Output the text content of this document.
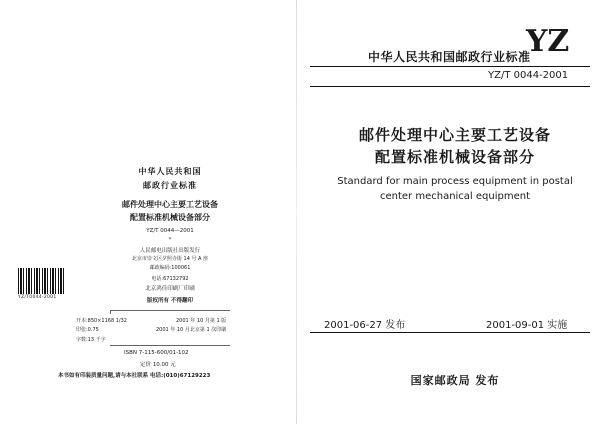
中华人民共和国
邮政行业标准
邮件处理中心主要工艺设备
配置标准机械设备部分
YZ/T 0044—2001
*
人民邮电出版社出版发行
北京市崇文区夕照寺街 14 号 A 座
邮政编码:100061
电话:67132792
北京鸿佳印刷厂印刷
版权所有 不得翻印
YZ/T0044-2001
开本:850×1168 1/32
印张:0.75
字数:13 千字
2001 年 10 月第 1 版
2001 年 10 月北京第 1 次印刷
ISBN 7-115-600/01-102
定价 10.00 元
本书如有印装质量问题,请与本社联系 电话:(010)67129223
YZ
中华人民共和国邮政行业标准
YZ/T 0044-2001
邮件处理中心主要工艺设备
配置标准机械设备部分
Standard for main process equipment in postal
center mechanical equipment
2001-06-27 发布	2001-09-01 实施
国家邮政局 发布
